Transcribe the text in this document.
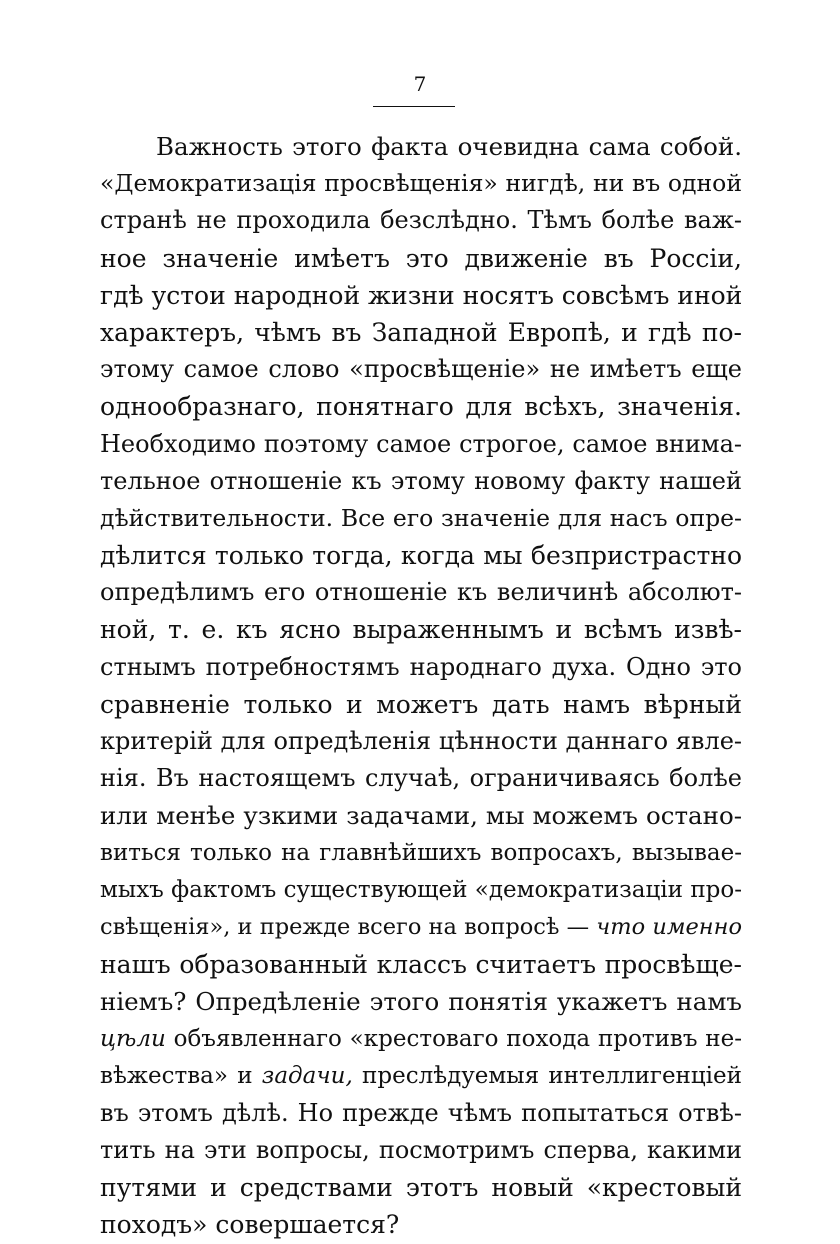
7
Важность этого факта очевидна сама собой.
«Демократизація просвѣщенія» нигдѣ, ни въ одной
странѣ не проходила безслѣдно. Тѣмъ болѣе важ-
ное значеніе имѣетъ это движеніе въ Россіи,
гдѣ устои народной жизни носятъ совсѣмъ иной
характеръ, чѣмъ въ Западной Европѣ, и гдѣ по-
этому самое слово «просвѣщеніе» не имѣетъ еще
однообразнаго, понятнаго для всѣхъ, значенія.
Необходимо поэтому самое строгое, самое внима-
тельное отношеніе къ этому новому факту нашей
дѣйствительности. Все его значеніе для насъ опре-
дѣлится только тогда, когда мы безпристрастно
опредѣлимъ его отношеніе къ величинѣ абсолют-
ной, т. е. къ ясно выраженнымъ и всѣмъ извѣ-
стнымъ потребностямъ народнаго духа. Одно это
сравненіе только и можетъ дать намъ вѣрный
критерій для опредѣленія цѣнности даннаго явле-
нія. Въ настоящемъ случаѣ, ограничиваясь болѣе
или менѣе узкими задачами, мы можемъ остано-
виться только на главнѣйшихъ вопросахъ, вызывае-
мыхъ фактомъ существующей «демократизаціи про-
свѣщенія», и прежде всего на вопросѣ — что именно
нашъ образованный классъ считаетъ просвѣще-
ніемъ? Опредѣленіе этого понятія укажетъ намъ
цѣли объявленнаго «крестоваго похода противъ не-
вѣжества» и задачи, преслѣдуемыя интеллигенціей
въ этомъ дѣлѣ. Но прежде чѣмъ попытаться отвѣ-
тить на эти вопросы, посмотримъ сперва, какими
путями и средствами этотъ новый «крестовый
походъ» совершается?
